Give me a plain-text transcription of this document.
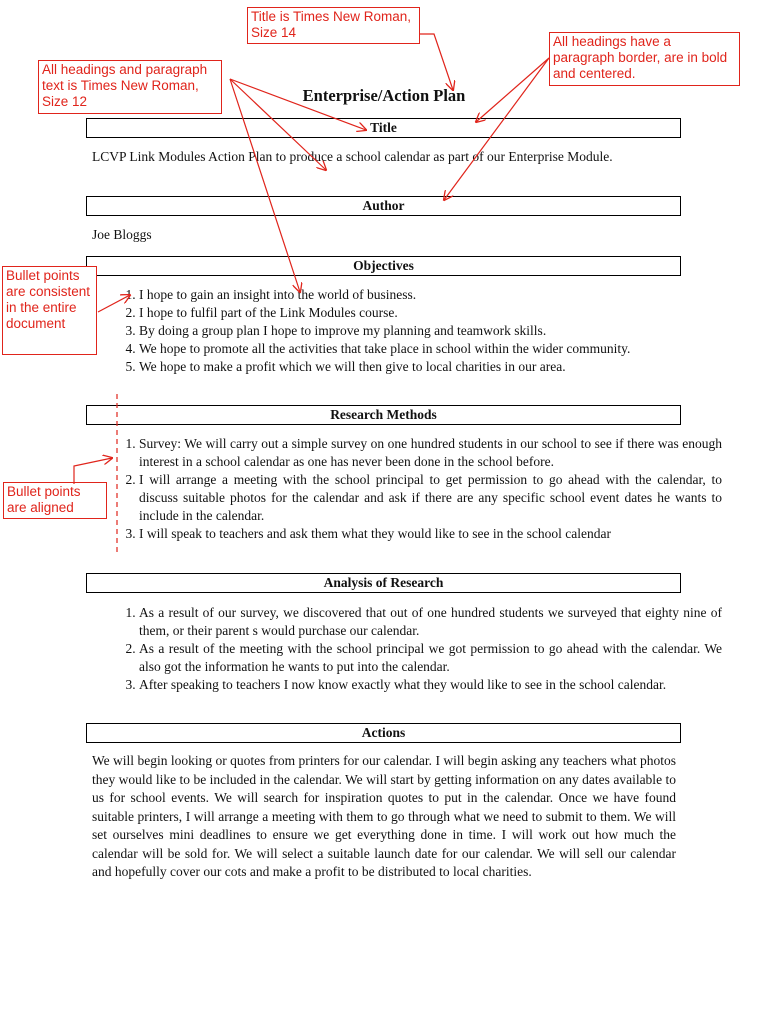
Enterprise/Action Plan
Title

LCVP Link Modules Action Plan to produce a school calendar as part of our Enterprise Module.

Author

Joe Bloggs

Objectives
1. I hope to gain an insight into the world of business.
2. I hope to fulfil part of the Link Modules course.
3. By doing a group plan I hope to improve my planning and teamwork skills.
4. We hope to promote all the activities that take place in school within the wider community.
5. We hope to make a profit which we will then give to local charities in our area.
Research Methods
1. Survey: We will carry out a simple survey on one hundred students in our school to see if there was enough interest in a school calendar as one has never been done in the school before.
2. I will arrange a meeting with the school principal to get permission to go ahead with the calendar, to discuss suitable photos for the calendar and ask if there are any specific school event dates he wants to include in the calendar.
3. I will speak to teachers and ask them what they would like to see in the school calendar
Analysis of Research
1. As a result of our survey, we discovered that out of one hundred students we surveyed that eighty nine of them, or their parent s would purchase our calendar.
2. As a result of the meeting with the school principal we got permission to go ahead with the calendar. We also got the information he wants to put into the calendar.
3. After speaking to teachers I now know exactly what they would like to see in the school calendar.
Actions

We will begin looking or quotes from printers for our calendar. I will begin asking any teachers what photos they would like to be included in the calendar. We will start by getting information on any dates available to us for school events. We will search for inspiration quotes to put in the calendar. Once we have found suitable printers, I will arrange a meeting with them to go through what we need to submit to them. We will set ourselves mini deadlines to ensure we get everything done in time. I will work out how much the calendar will be sold for. We will select a suitable launch date for our calendar. We will sell our calendar and hopefully cover our cots and make a profit to be distributed to local charities.

Title is Times New Roman, Size 14
All headings have a paragraph border, are in bold and centered.
All headings and paragraph text is Times New Roman, Size 12
Bullet points are consistent in the entire document
Bullet points are aligned
